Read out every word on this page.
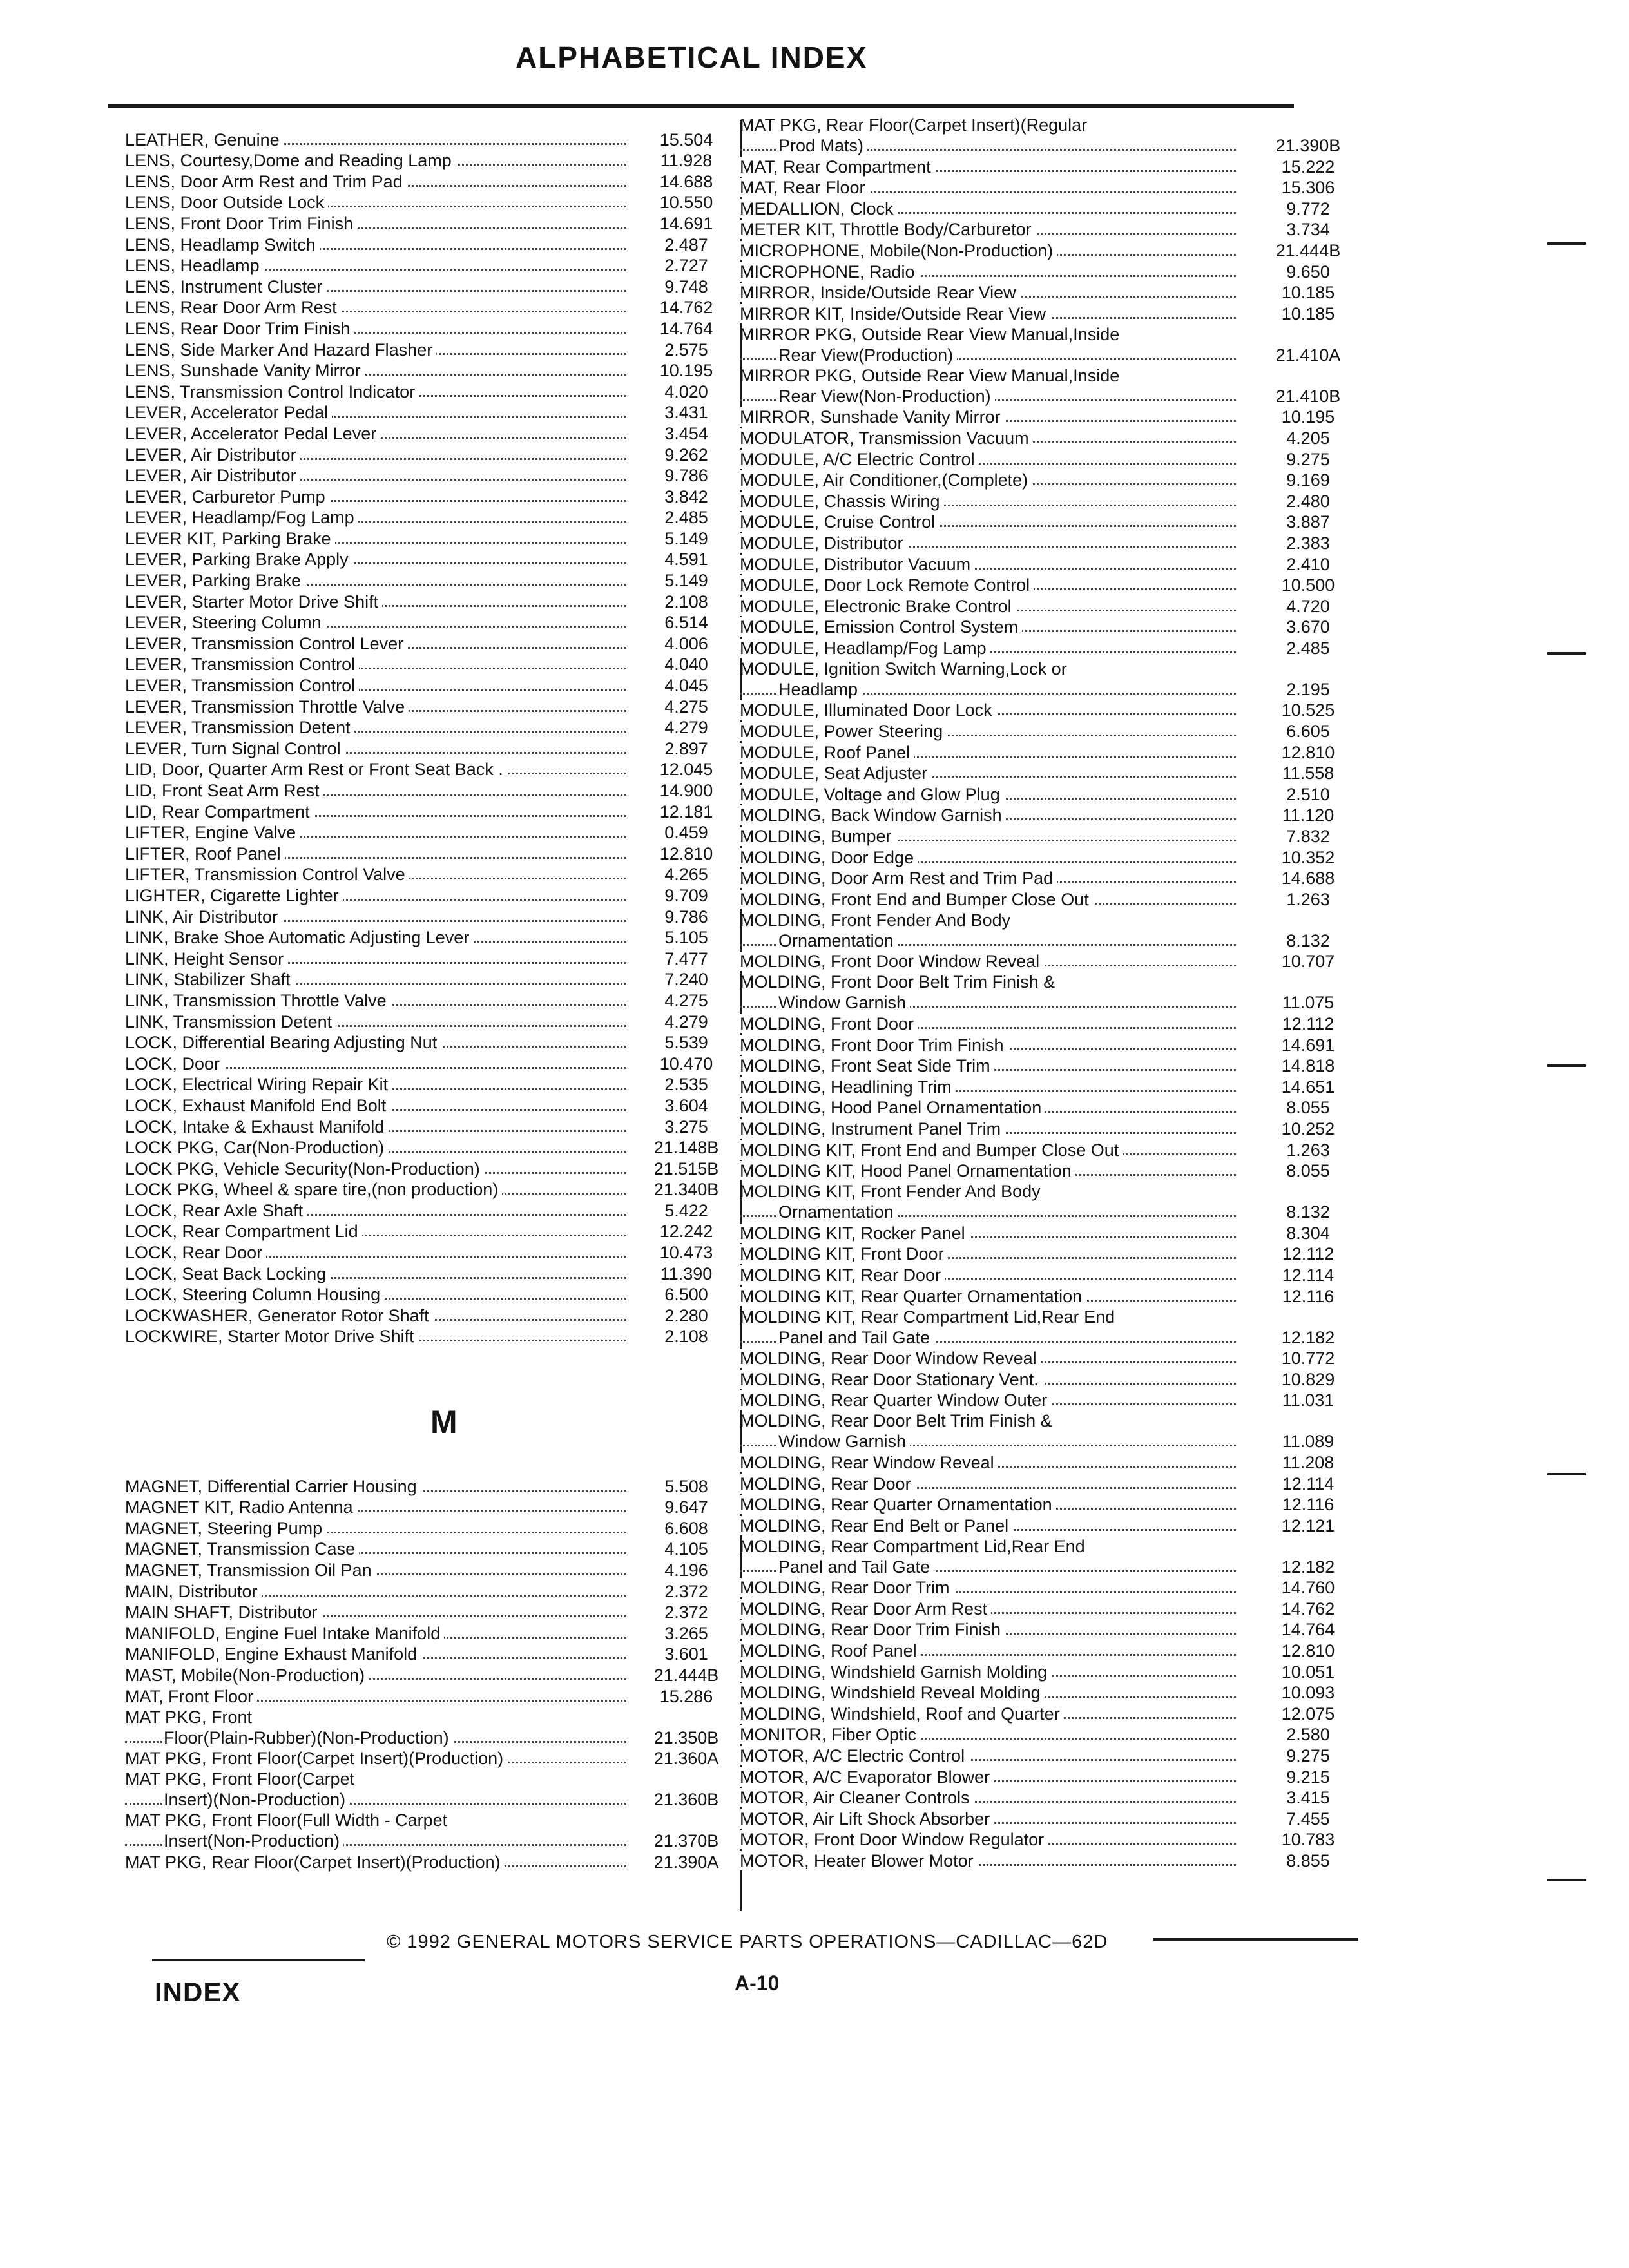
ALPHABETICAL INDEX
LEATHER, Genuine	15.504
LENS, Courtesy,Dome and Reading Lamp	11.928
LENS, Door Arm Rest and Trim Pad	14.688
LENS, Door Outside Lock	10.550
LENS, Front Door Trim Finish	14.691
LENS, Headlamp Switch	2.487
LENS, Headlamp	2.727
LENS, Instrument Cluster	9.748
LENS, Rear Door Arm Rest	14.762
LENS, Rear Door Trim Finish	14.764
LENS, Side Marker And Hazard Flasher	2.575
LENS, Sunshade Vanity Mirror	10.195
LENS, Transmission Control Indicator	4.020
LEVER, Accelerator Pedal	3.431
LEVER, Accelerator Pedal Lever	3.454
LEVER, Air Distributor	9.262
LEVER, Air Distributor	9.786
LEVER, Carburetor Pump	3.842
LEVER, Headlamp/Fog Lamp	2.485
LEVER KIT, Parking Brake	5.149
LEVER, Parking Brake Apply	4.591
LEVER, Parking Brake	5.149
LEVER, Starter Motor Drive Shift	2.108
LEVER, Steering Column	6.514
LEVER, Transmission Control Lever	4.006
LEVER, Transmission Control	4.040
LEVER, Transmission Control	4.045
LEVER, Transmission Throttle Valve	4.275
LEVER, Transmission Detent	4.279
LEVER, Turn Signal Control	2.897
LID, Door, Quarter Arm Rest or Front Seat Back .	12.045
LID, Front Seat Arm Rest	14.900
LID, Rear Compartment	12.181
LIFTER, Engine Valve	0.459
LIFTER, Roof Panel	12.810
LIFTER, Transmission Control Valve	4.265
LIGHTER, Cigarette Lighter	9.709
LINK, Air Distributor	9.786
LINK, Brake Shoe Automatic Adjusting Lever	5.105
LINK, Height Sensor	7.477
LINK, Stabilizer Shaft	7.240
LINK, Transmission Throttle Valve	4.275
LINK, Transmission Detent	4.279
LOCK, Differential Bearing Adjusting Nut	5.539
LOCK, Door	10.470
LOCK, Electrical Wiring Repair Kit	2.535
LOCK, Exhaust Manifold End Bolt	3.604
LOCK, Intake & Exhaust Manifold	3.275
LOCK PKG, Car(Non-Production)	21.148B
LOCK PKG, Vehicle Security(Non-Production)	21.515B
LOCK PKG, Wheel & spare tire,(non production)	21.340B
LOCK, Rear Axle Shaft	5.422
LOCK, Rear Compartment Lid	12.242
LOCK, Rear Door	10.473
LOCK, Seat Back Locking	11.390
LOCK, Steering Column Housing	6.500
LOCKWASHER, Generator Rotor Shaft	2.280
LOCKWIRE, Starter Motor Drive Shift	2.108
M
MAGNET, Differential Carrier Housing	5.508
MAGNET KIT, Radio Antenna	9.647
MAGNET, Steering Pump	6.608
MAGNET, Transmission Case	4.105
MAGNET, Transmission Oil Pan	4.196
MAIN, Distributor	2.372
MAIN SHAFT, Distributor	2.372
MANIFOLD, Engine Fuel Intake Manifold	3.265
MANIFOLD, Engine Exhaust Manifold	3.601
MAST, Mobile(Non-Production)	21.444B
MAT, Front Floor	15.286
MAT PKG, Front
Floor(Plain-Rubber)(Non-Production)	21.350B
MAT PKG, Front Floor(Carpet Insert)(Production)	21.360A
MAT PKG, Front Floor(Carpet
Insert)(Non-Production)	21.360B
MAT PKG, Front Floor(Full Width - Carpet
Insert(Non-Production)	21.370B
MAT PKG, Rear Floor(Carpet Insert)(Production)	21.390A
MAT PKG, Rear Floor(Carpet Insert)(Regular
Prod Mats)	21.390B
MAT, Rear Compartment	15.222
MAT, Rear Floor	15.306
MEDALLION, Clock	9.772
METER KIT, Throttle Body/Carburetor	3.734
MICROPHONE, Mobile(Non-Production)	21.444B
MICROPHONE, Radio	9.650
MIRROR, Inside/Outside Rear View	10.185
MIRROR KIT, Inside/Outside Rear View	10.185
MIRROR PKG, Outside Rear View Manual,Inside
Rear View(Production)	21.410A
MIRROR PKG, Outside Rear View Manual,Inside
Rear View(Non-Production)	21.410B
MIRROR, Sunshade Vanity Mirror	10.195
MODULATOR, Transmission Vacuum	4.205
MODULE, A/C Electric Control	9.275
MODULE, Air Conditioner,(Complete)	9.169
MODULE, Chassis Wiring	2.480
MODULE, Cruise Control	3.887
MODULE, Distributor	2.383
MODULE, Distributor Vacuum	2.410
MODULE, Door Lock Remote Control	10.500
MODULE, Electronic Brake Control	4.720
MODULE, Emission Control System	3.670
MODULE, Headlamp/Fog Lamp	2.485
MODULE, Ignition Switch Warning,Lock or
Headlamp	2.195
MODULE, Illuminated Door Lock	10.525
MODULE, Power Steering	6.605
MODULE, Roof Panel	12.810
MODULE, Seat Adjuster	11.558
MODULE, Voltage and Glow Plug	2.510
MOLDING, Back Window Garnish	11.120
MOLDING, Bumper	7.832
MOLDING, Door Edge	10.352
MOLDING, Door Arm Rest and Trim Pad	14.688
MOLDING, Front End and Bumper Close Out	1.263
MOLDING, Front Fender And Body
Ornamentation	8.132
MOLDING, Front Door Window Reveal	10.707
MOLDING, Front Door Belt Trim Finish &
Window Garnish	11.075
MOLDING, Front Door	12.112
MOLDING, Front Door Trim Finish	14.691
MOLDING, Front Seat Side Trim	14.818
MOLDING, Headlining Trim	14.651
MOLDING, Hood Panel Ornamentation	8.055
MOLDING, Instrument Panel Trim	10.252
MOLDING KIT, Front End and Bumper Close Out	1.263
MOLDING KIT, Hood Panel Ornamentation	8.055
MOLDING KIT, Front Fender And Body
Ornamentation	8.132
MOLDING KIT, Rocker Panel	8.304
MOLDING KIT, Front Door	12.112
MOLDING KIT, Rear Door	12.114
MOLDING KIT, Rear Quarter Ornamentation	12.116
MOLDING KIT, Rear Compartment Lid,Rear End
Panel and Tail Gate	12.182
MOLDING, Rear Door Window Reveal	10.772
MOLDING, Rear Door Stationary Vent.	10.829
MOLDING, Rear Quarter Window Outer	11.031
MOLDING, Rear Door Belt Trim Finish &
Window Garnish	11.089
MOLDING, Rear Window Reveal	11.208
MOLDING, Rear Door	12.114
MOLDING, Rear Quarter Ornamentation	12.116
MOLDING, Rear End Belt or Panel	12.121
MOLDING, Rear Compartment Lid,Rear End
Panel and Tail Gate	12.182
MOLDING, Rear Door Trim	14.760
MOLDING, Rear Door Arm Rest	14.762
MOLDING, Rear Door Trim Finish	14.764
MOLDING, Roof Panel	12.810
MOLDING, Windshield Garnish Molding	10.051
MOLDING, Windshield Reveal Molding	10.093
MOLDING, Windshield, Roof and Quarter	12.075
MONITOR, Fiber Optic	2.580
MOTOR, A/C Electric Control	9.275
MOTOR, A/C Evaporator Blower	9.215
MOTOR, Air Cleaner Controls	3.415
MOTOR, Air Lift Shock Absorber	7.455
MOTOR, Front Door Window Regulator	10.783
MOTOR, Heater Blower Motor	8.855
© 1992 GENERAL MOTORS SERVICE PARTS OPERATIONS—CADILLAC—62D
INDEX	A-10
